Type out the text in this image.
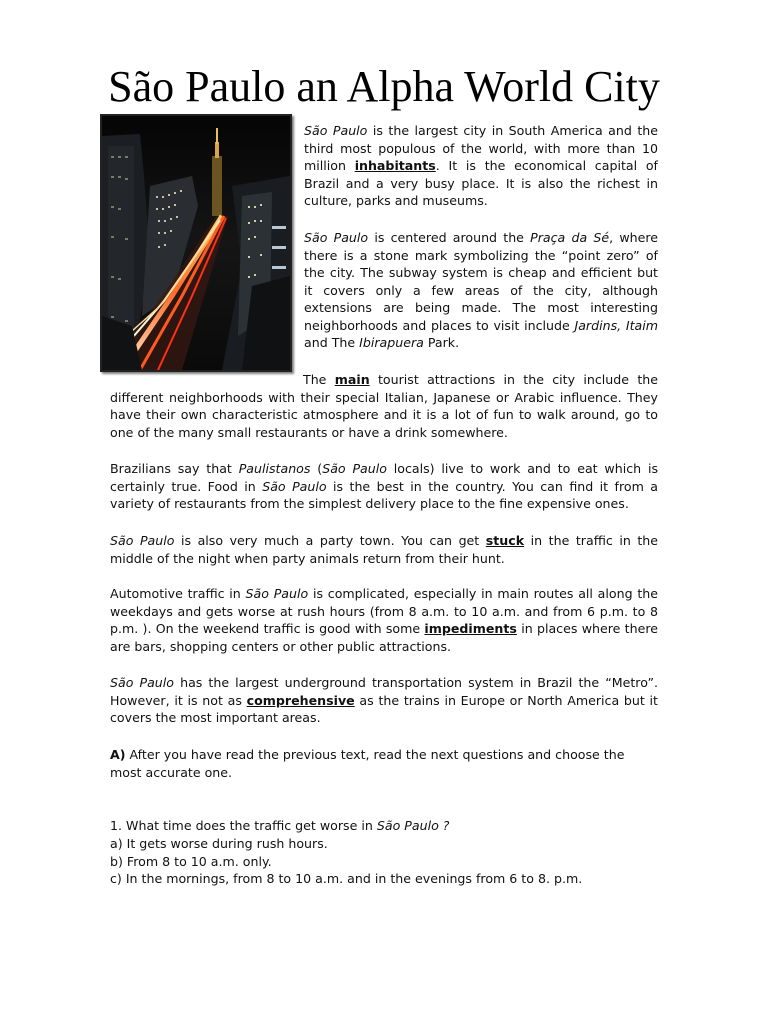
São Paulo an Alpha World City

São Paulo is the largest city in South America and the third most populous of the world, with more than 10 million inhabitants. It is the economical capital of Brazil and a very busy place. It is also the richest in culture, parks and museums.

São Paulo is centered around the Praça da Sé, where there is a stone mark symbolizing the “point zero” of the city. The subway system is cheap and efficient but it covers only a few areas of the city, although extensions are being made. The most interesting neighborhoods and places to visit include Jardins, Itaim and The Ibirapuera Park.

The main tourist attractions in the city include the different neighborhoods with their special Italian, Japanese or Arabic influence. They have their own characteristic atmosphere and it is a lot of fun to walk around, go to one of the many small restaurants or have a drink somewhere.

Brazilians say that Paulistanos (São Paulo locals) live to work and to eat which is certainly true. Food in São Paulo is the best in the country. You can find it from a variety of restaurants from the simplest delivery place to the fine expensive ones.

São Paulo is also very much a party town. You can get stuck in the traffic in the middle of the night when party animals return from their hunt.

Automotive traffic in São Paulo is complicated, especially in main routes all along the weekdays and gets worse at rush hours (from 8 a.m. to 10 a.m. and from 6 p.m. to 8 p.m. ). On the weekend traffic is good with some impediments in places where there are bars, shopping centers or other public attractions.

São Paulo has the largest underground transportation system in Brazil the “Metro”. However, it is not as comprehensive as the trains in Europe or North America but it covers the most important areas.

A) After you have read the previous text, read the next questions and choose the most accurate one.

1. What time does the traffic get worse in São Paulo ?
a) It gets worse during rush hours.
b) From 8 to 10 a.m. only.
c) In the mornings, from 8 to 10 a.m. and in the evenings from 6 to 8. p.m.
